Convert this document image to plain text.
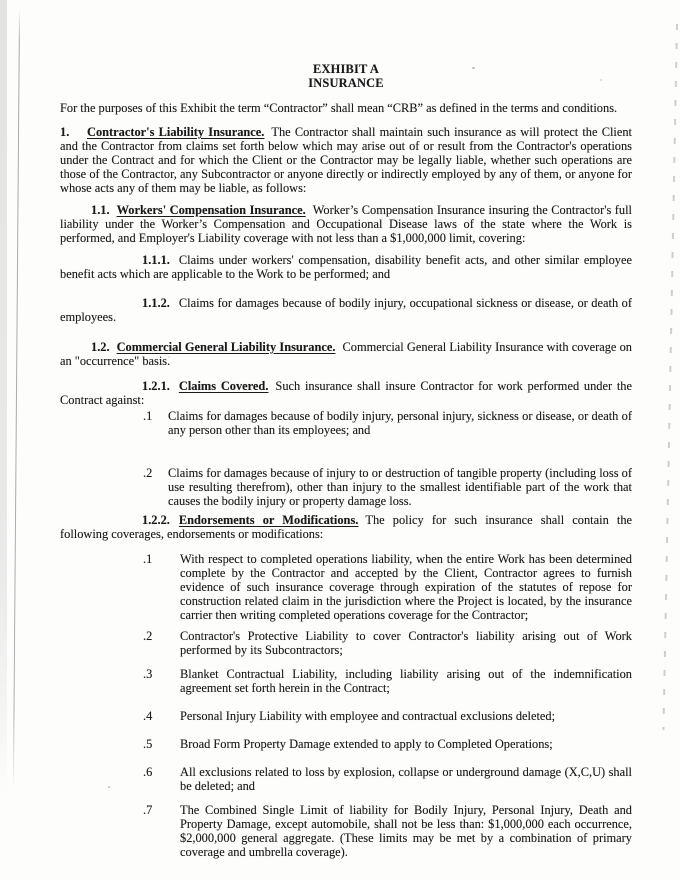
EXHIBIT A
INSURANCE

For the purposes of this Exhibit the term “Contractor” shall mean “CRB” as defined in the terms and conditions.

1. Contractor's Liability Insurance. The Contractor shall maintain such insurance as will protect the Client and the Contractor from claims set forth below which may arise out of or result from the Contractor's operations under the Contract and for which the Client or the Contractor may be legally liable, whether such operations are those of the Contractor, any Subcontractor or anyone directly or indirectly employed by any of them, or anyone for whose acts any of them may be liable, as follows:

1.1. Workers' Compensation Insurance. Worker’s Compensation Insurance insuring the Contractor's full liability under the Worker’s Compensation and Occupational Disease laws of the state where the Work is performed, and Employer's Liability coverage with not less than a $1,000,000 limit, covering:

1.1.1. Claims under workers' compensation, disability benefit acts, and other similar employee benefit acts which are applicable to the Work to be performed; and

1.1.2. Claims for damages because of bodily injury, occupational sickness or disease, or death of employees.

1.2. Commercial General Liability Insurance. Commercial General Liability Insurance with coverage on an "occurrence" basis.

1.2.1. Claims Covered. Such insurance shall insure Contractor for work performed under the Contract against:

.1	Claims for damages because of bodily injury, personal injury, sickness or disease, or death of any person other than its employees; and
.2	Claims for damages because of injury to or destruction of tangible property (including loss of use resulting therefrom), other than injury to the smallest identifiable part of the work that causes the bodily injury or property damage loss.

1.2.2. Endorsements or Modifications. The policy for such insurance shall contain the following coverages, endorsements or modifications:

.1	With respect to completed operations liability, when the entire Work has been determined complete by the Contractor and accepted by the Client, Contractor agrees to furnish evidence of such insurance coverage through expiration of the statutes of repose for construction related claim in the jurisdiction where the Project is located, by the insurance carrier then writing completed operations coverage for the Contractor;
.2	Contractor's Protective Liability to cover Contractor's liability arising out of Work performed by its Subcontractors;
.3	Blanket Contractual Liability, including liability arising out of the indemnification agreement set forth herein in the Contract;
.4	Personal Injury Liability with employee and contractual exclusions deleted;
.5	Broad Form Property Damage extended to apply to Completed Operations;
.6	All exclusions related to loss by explosion, collapse or underground damage (X,C,U) shall be deleted; and
.7	The Combined Single Limit of liability for Bodily Injury, Personal Injury, Death and Property Damage, except automobile, shall not be less than: $1,000,000 each occurrence, $2,000,000 general aggregate. (These limits may be met by a combination of primary coverage and umbrella coverage).
